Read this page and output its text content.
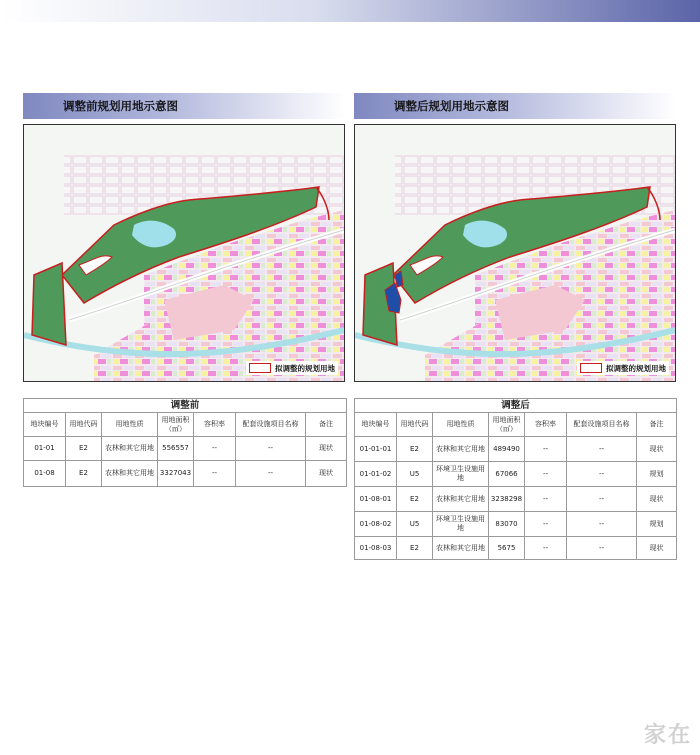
调整前规划用地示意图	调整后规划用地示意图
拟调整的规划用地	拟调整的规划用地
调整前						
地块编号	用地代码	用地性质	用地面积（㎡）	容积率	配套设施项目名称	备注
01-01	E2	农林和其它用地	556557	--	--	现状
01-08	E2	农林和其它用地	3327043	--	--	现状
调整后						
地块编号	用地代码	用地性质	用地面积（㎡）	容积率	配套设施项目名称	备注
01-01-01	E2	农林和其它用地	489490	--	--	现状
01-01-02	U5	环境卫生设施用地	67066	--	--	规划
01-08-01	E2	农林和其它用地	3238298	--	--	现状
01-08-02	U5	环境卫生设施用地	83070	--	--	规划
01-08-03	E2	农林和其它用地	5675	--	--	现状
家在
